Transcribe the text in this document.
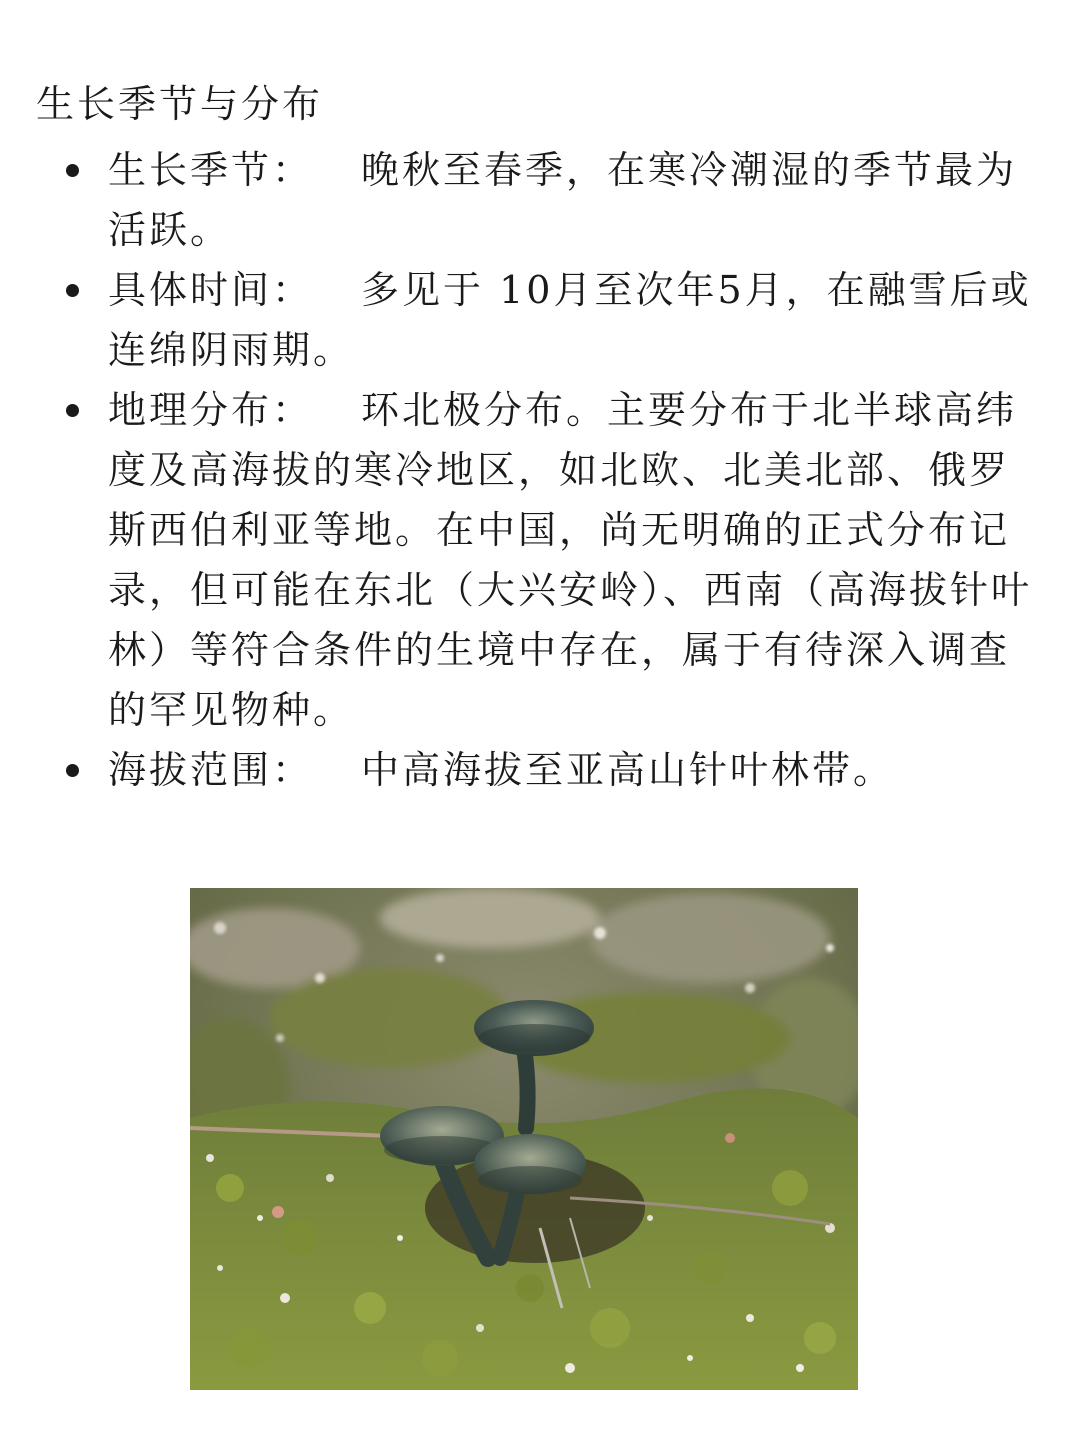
生长季节与分布
生长季节： 晚秋至春季，在寒冷潮湿的季节最为活跃。
具体时间： 多见于 10月至次年5月，在融雪后或连绵阴雨期。
地理分布： 环北极分布。主要分布于北半球高纬度及高海拔的寒冷地区，如北欧、北美北部、俄罗斯西伯利亚等地。在中国，尚无明确的正式分布记录，但可能在东北（大兴安岭）、西南（高海拔针叶林）等符合条件的生境中存在，属于有待深入调查的罕见物种。
海拔范围： 中高海拔至亚高山针叶林带。
